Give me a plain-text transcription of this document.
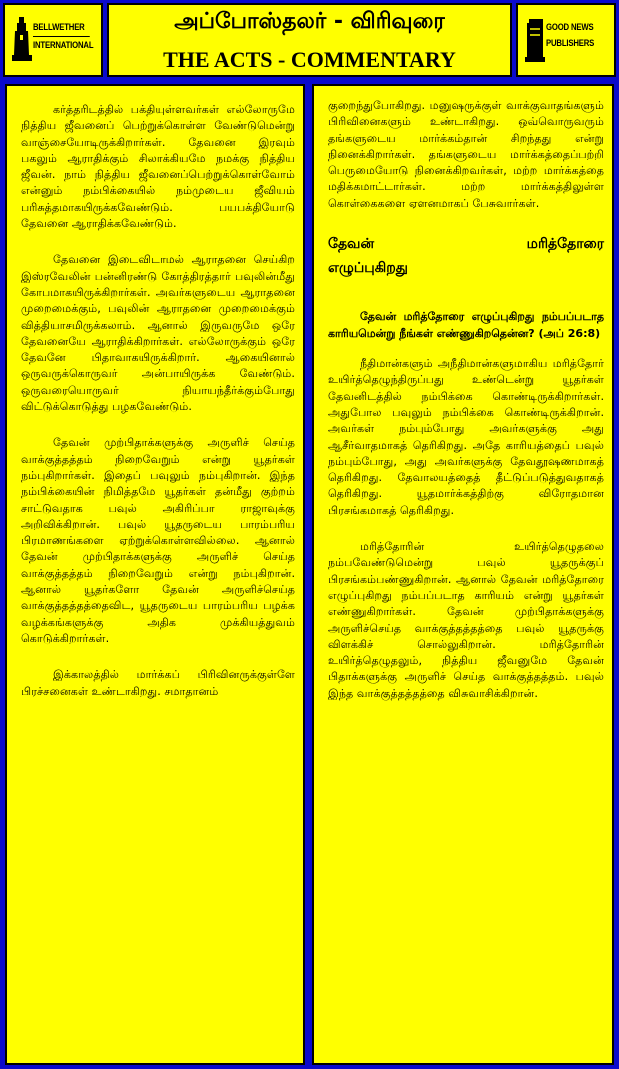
BELLWETHER
INTERNATIONAL
அப்போஸ்தலர் - விரிவுரை
THE ACTS - COMMENTARY
GOOD NEWS
PUBLISHERS

கர்த்தரிடத்தில் பக்தியுள்ளவர்கள் எல்லோருமே நித்திய ஜீவனைப் பெற்றுக்கொள்ள வேண்டுமென்று வாஞ்சையோடிருக்கிறார்கள். தேவனை இரவும் பகலும் ஆராதிக்கும் சிலாக்கியமே நமக்கு நித்திய ஜீவன். நாம் நித்திய ஜீவனைப்பெற்றுக்கொள்வோம் என்னும் நம்பிக்கையில் நம்முடைய ஜீவியம் பரிசுத்தமாகயிருக்கவேண்டும். பயபக்தியோடு தேவனை ஆராதிக்கவேண்டும்.

தேவனை இடைவிடாமல் ஆராதனை செய்கிற இஸ்ரவேலின் பன்னிரண்டு கோத்திரத்தார் பவுலின்மீது கோபமாகயிருக்கிறார்கள். அவர்களுடைய ஆராதனை முறைமைக்கும், பவுலின் ஆராதனை முறைமைக்கும் வித்தியாசமிருக்கலாம். ஆனால் இருவருமே ஒரே தேவனையே ஆராதிக்கிறார்கள். எல்லோருக்கும் ஒரே தேவனே பிதாவாகயிருக்கிறார். ஆகையினால் ஒருவருக்கொருவர் அன்பாயிருக்க வேண்டும். ஒருவரையொருவர் நியாயந்தீர்க்கும்போது விட்டுக்கொடுத்து பழகவேண்டும்.

தேவன் முற்பிதாக்களுக்கு அருளிச் செய்த வாக்குத்தத்தம் நிறைவேறும் என்று யூதர்கள் நம்புகிறார்கள். இதைப் பவுலும் நம்புகிறான். இந்த நம்பிக்கையின் நிமித்தமே யூதர்கள் தன்மீது குற்றம் சாட்டுவதாக பவுல் அகிரிப்பா ராஜாவுக்கு அறிவிக்கிறான். பவுல் யூதருடைய பாரம்பரிய பிரமாணங்களை ஏற்றுக்கொள்ளவில்லை. ஆனால் தேவன் முற்பிதாக்களுக்கு அருளிச் செய்த வாக்குத்தத்தம் நிறைவேறும் என்று நம்புகிறான். ஆனால் யூதர்களோ தேவன் அருளிச்செய்த வாக்குத்தத்தத்தைவிட, யூதருடைய பாரம்பரிய பழக்க வழக்கங்களுக்கு அதிக முக்கியத்துவம் கொடுக்கிறார்கள்.

இக்காலத்தில் மார்க்கப் பிரிவினருக்குள்ளே பிரச்சனைகள் உண்டாகிறது. சமாதானம்

குறைந்துபோகிறது. மனுஷருக்குள் வாக்குவாதங்களும் பிரிவினைகளும் உண்டாகிறது. ஒவ்வொருவரும் தங்களுடைய மார்க்கம்தான் சிறந்தது என்று நினைக்கிறார்கள். தங்களுடைய மார்க்கத்தைப்பற்றி பெருமையோடு நினைக்கிறவர்கள், மற்ற மார்க்கத்தை மதிக்கமாட்டார்கள். மற்ற மார்க்கத்திலுள்ள கொள்கைகளை ஏளனமாகப் பேசுவார்கள்.

தேவன் மரித்தோரை
எழுப்புகிறது
தேவன் மரித்தோரை எழுப்புகிறது நம்பப்படாத காரியமென்று நீங்கள் எண்ணுகிறதென்ன? (அப் 26:8)

நீதிமான்களும் அநீதிமான்களுமாகிய மரித்தோர் உயிர்த்தெழுந்திருப்பது உண்டென்று யூதர்கள் தேவனிடத்தில் நம்பிக்கை கொண்டிருக்கிறார்கள். அதுபோல பவுலும் நம்பிக்கை கொண்டிருக்கிறான். அவர்கள் நம்பும்போது அவர்களுக்கு அது ஆசீர்வாதமாகத் தெரிகிறது. அதே காரியத்தைப் பவுல் நம்பும்போது, அது அவர்களுக்கு தேவதூஷணமாகத் தெரிகிறது. தேவாலயத்தைத் தீட்டுப்படுத்துவதாகத் தெரிகிறது. யூதமார்க்கத்திற்கு விரோதமான பிரசங்கமாகத் தெரிகிறது.

மரித்தோரின் உயிர்த்தெழுதலை நம்பவேண்டுமென்று பவுல் யூதருக்குப் பிரசங்கம்பண்ணுகிறான். ஆனால் தேவன் மரித்தோரை எழுப்புகிறது நம்பப்படாத காரியம் என்று யூதர்கள் எண்ணுகிறார்கள். தேவன் முற்பிதாக்களுக்கு அருளிச்செய்த வாக்குத்தத்தத்தை பவுல் யூதருக்கு விளக்கிச் சொல்லுகிறான். மரித்தோரின் உயிர்த்தெழுதலும், நித்திய ஜீவனுமே தேவன் பிதாக்களுக்கு அருளிச் செய்த வாக்குத்தத்தம். பவுல் இந்த வாக்குத்தத்தத்தை விசுவாசிக்கிறான்.
